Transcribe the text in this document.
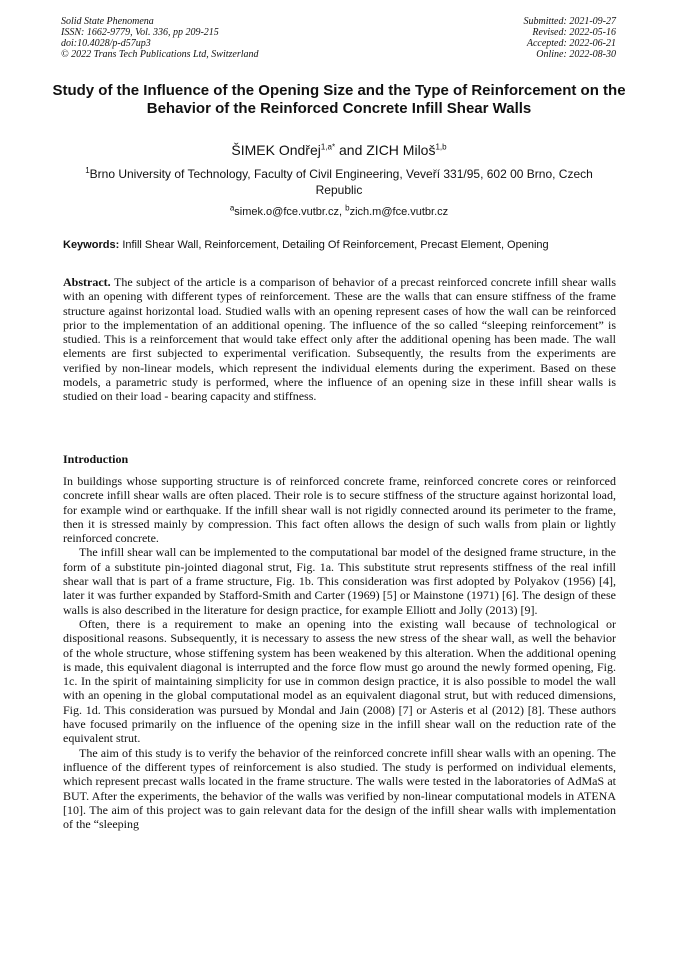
Solid State Phenomena
ISSN: 1662-9779, Vol. 336, pp 209-215
doi:10.4028/p-d57up3
© 2022 Trans Tech Publications Ltd, Switzerland
Submitted: 2021-09-27
Revised: 2022-05-16
Accepted: 2022-06-21
Online: 2022-08-30
Study of the Influence of the Opening Size and the Type of Reinforcement on the Behavior of the Reinforced Concrete Infill Shear Walls
ŠIMEK Ondřej$^{1,a*}$ and ZICH Miloš$^{1,b}$
$^1$Brno University of Technology, Faculty of Civil Engineering, Veveří 331/95, 602 00 Brno, Czech Republic
$^a$simek.o@fce.vutbr.cz, $^b$zich.m@fce.vutbr.cz
Keywords: Infill Shear Wall, Reinforcement, Detailing Of Reinforcement, Precast Element, Opening
Abstract. The subject of the article is a comparison of behavior of a precast reinforced concrete infill shear walls with an opening with different types of reinforcement. These are the walls that can ensure stiffness of the frame structure against horizontal load. Studied walls with an opening represent cases of how the wall can be reinforced prior to the implementation of an additional opening. The influence of the so called “sleeping reinforcement” is studied. This is a reinforcement that would take effect only after the additional opening has been made. The wall elements are first subjected to experimental verification. Subsequently, the results from the experiments are verified by non-linear models, which represent the individual elements during the experiment. Based on these models, a parametric study is performed, where the influence of an opening size in these infill shear walls is studied on their load - bearing capacity and stiffness.
Introduction

In buildings whose supporting structure is of reinforced concrete frame, reinforced concrete cores or reinforced concrete infill shear walls are often placed. Their role is to secure stiffness of the structure against horizontal load, for example wind or earthquake. If the infill shear wall is not rigidly connected around its perimeter to the frame, then it is stressed mainly by compression. This fact often allows the design of such walls from plain or lightly reinforced concrete.

The infill shear wall can be implemented to the computational bar model of the designed frame structure, in the form of a substitute pin-jointed diagonal strut, Fig. 1a. This substitute strut represents stiffness of the real infill shear wall that is part of a frame structure, Fig. 1b. This consideration was first adopted by Polyakov (1956) [4], later it was further expanded by Stafford-Smith and Carter (1969) [5] or Mainstone (1971) [6]. The design of these walls is also described in the literature for design practice, for example Elliott and Jolly (2013) [9].

Often, there is a requirement to make an opening into the existing wall because of technological or dispositional reasons. Subsequently, it is necessary to assess the new stress of the shear wall, as well the behavior of the whole structure, whose stiffening system has been weakened by this alteration. When the additional opening is made, this equivalent diagonal is interrupted and the force flow must go around the newly formed opening, Fig. 1c. In the spirit of maintaining simplicity for use in common design practice, it is also possible to model the wall with an opening in the global computational model as an equivalent diagonal strut, but with reduced dimensions, Fig. 1d. This consideration was pursued by Mondal and Jain (2008) [7] or Asteris et al (2012) [8]. These authors have focused primarily on the influence of the opening size in the infill shear wall on the reduction rate of the equivalent strut.

The aim of this study is to verify the behavior of the reinforced concrete infill shear walls with an opening. The influence of the different types of reinforcement is also studied. The study is performed on individual elements, which represent precast walls located in the frame structure. The walls were tested in the laboratories of AdMaS at BUT. After the experiments, the behavior of the walls was verified by non-linear computational models in ATENA [10]. The aim of this project was to gain relevant data for the design of the infill shear walls with implementation of the “sleeping
